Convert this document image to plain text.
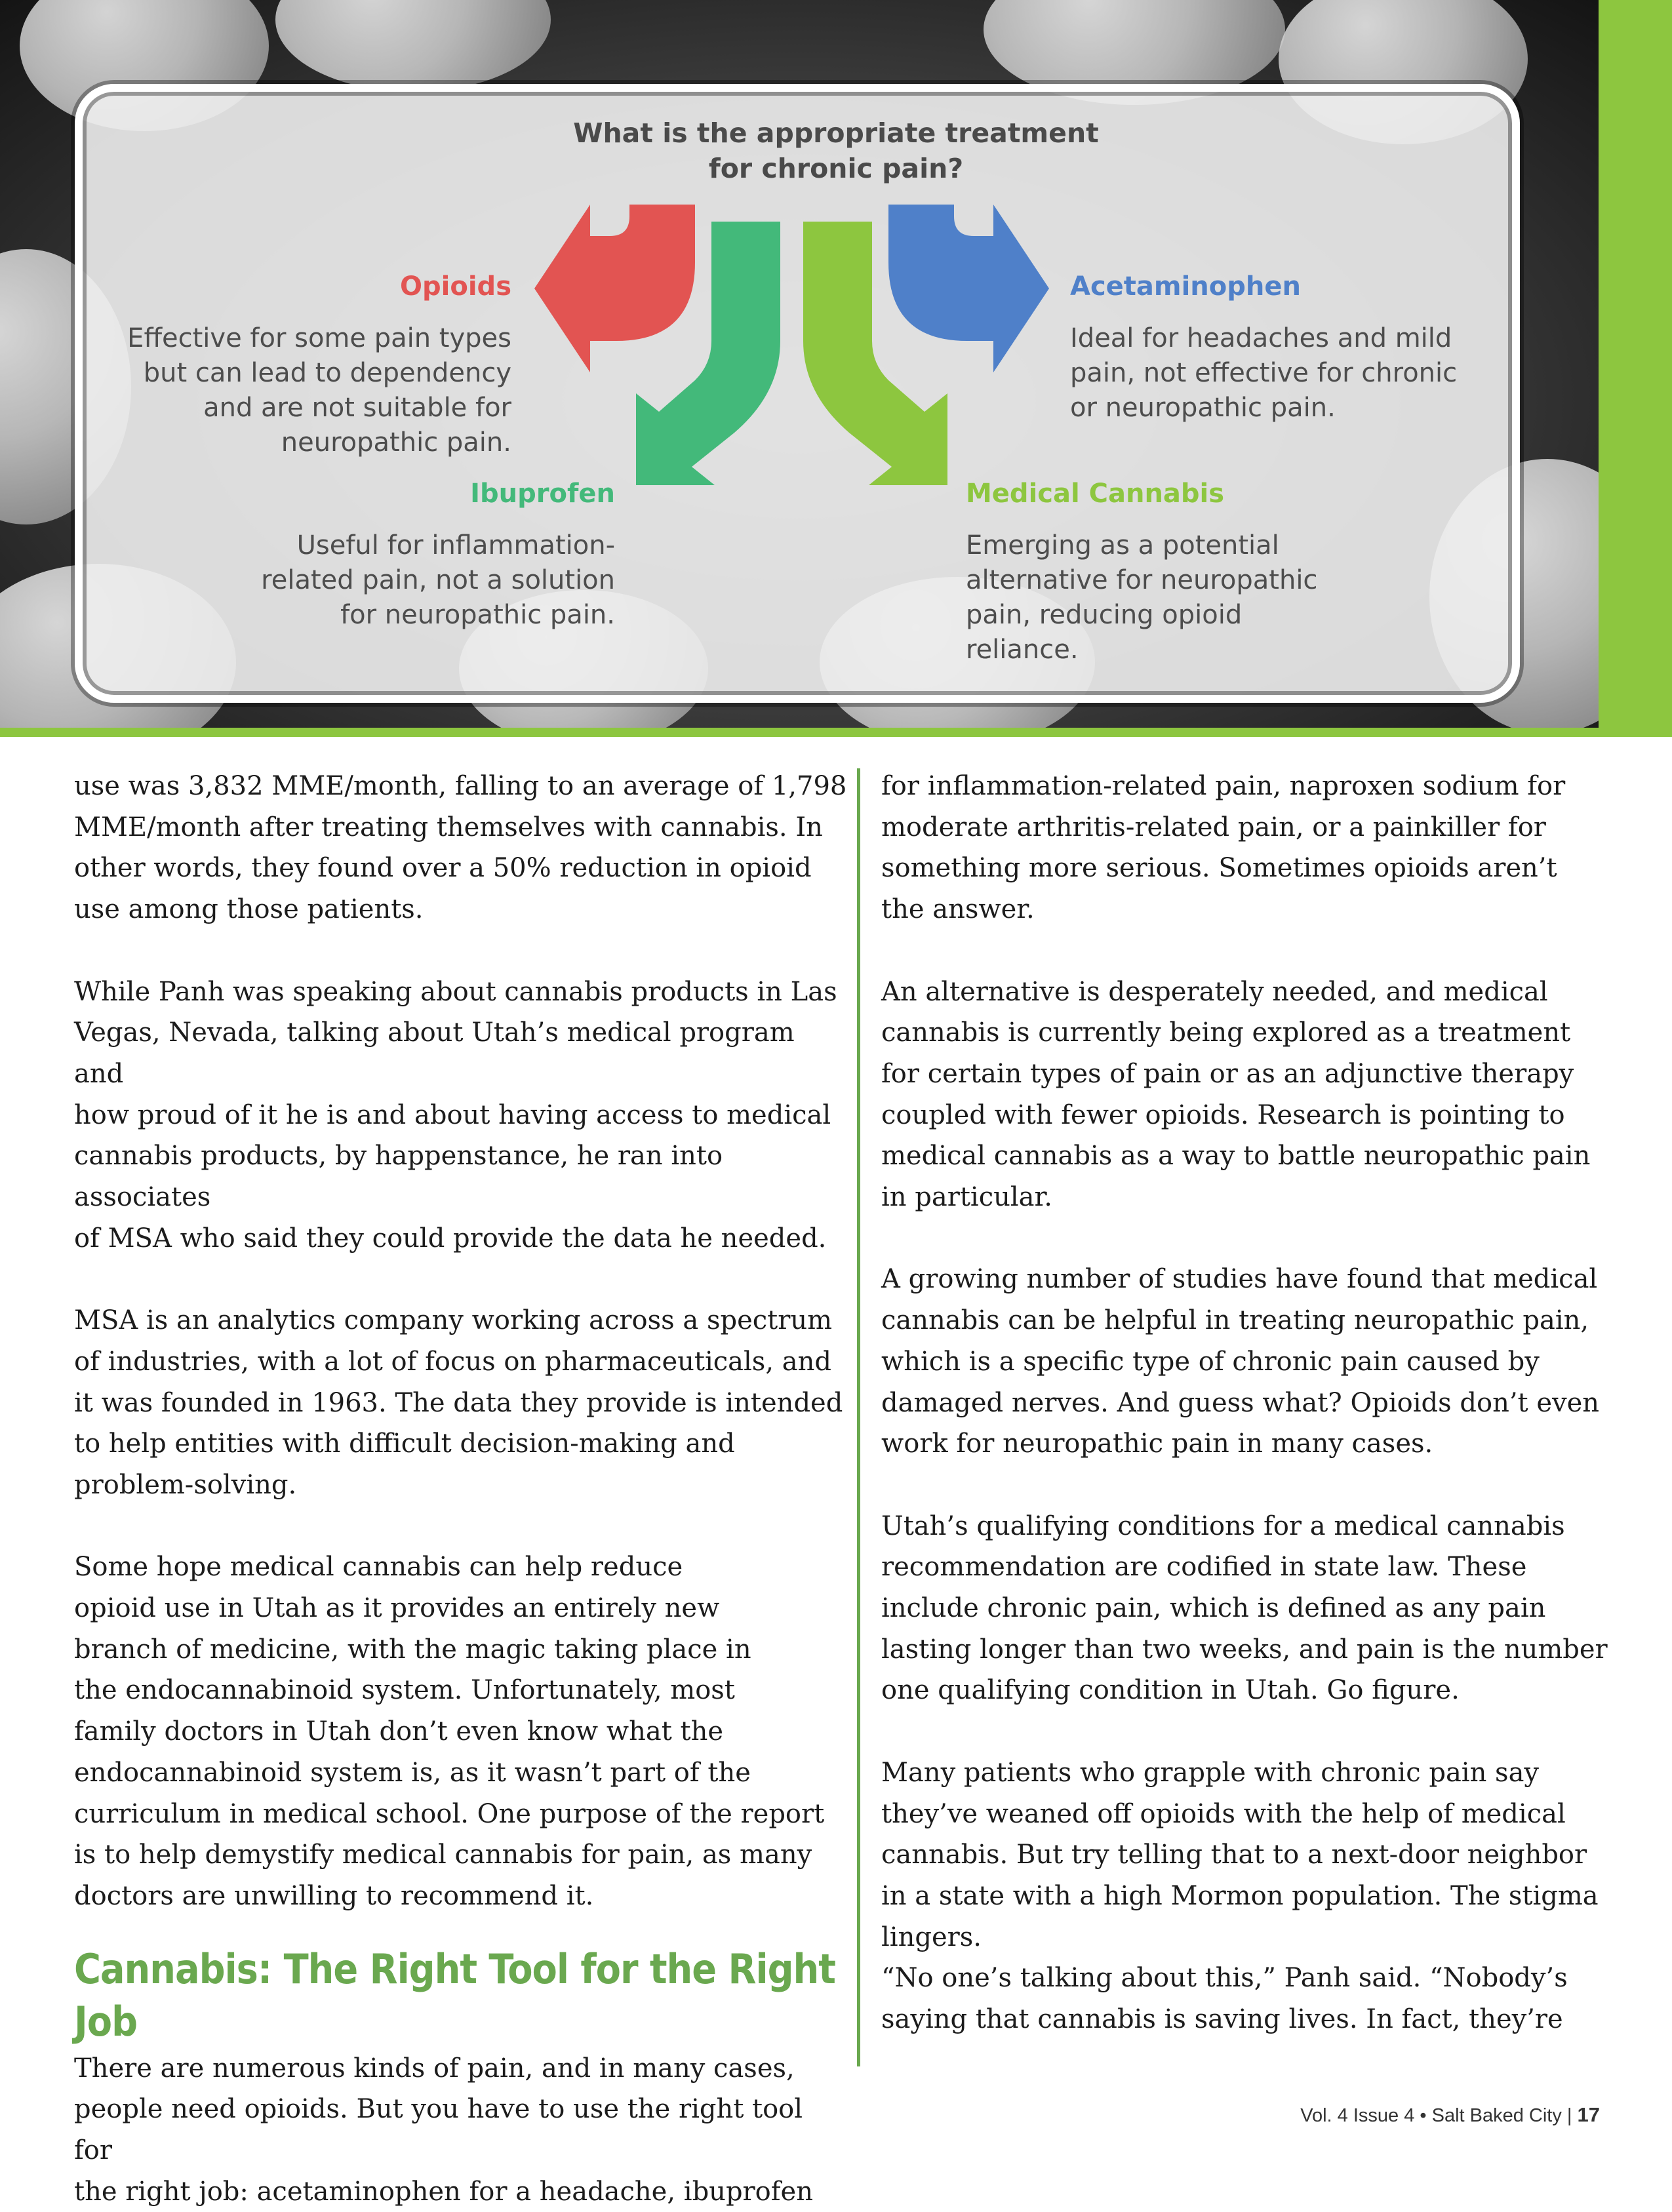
What is the appropriate treatment
for chronic pain?
Opioids
Effective for some pain types
but can lead to dependency
and are not suitable for
neuropathic pain.
Acetaminophen
Ideal for headaches and mild
pain, not effective for chronic
or neuropathic pain.
Ibuprofen
Useful for inflammation-
related pain, not a solution
for neuropathic pain.
Medical Cannabis
Emerging as a potential
alternative for neuropathic
pain, reducing opioid
reliance.

use was 3,832 MME/month, falling to an average of 1,798
MME/month after treating themselves with cannabis. In
other words, they found over a 50% reduction in opioid
use among those patients.

While Panh was speaking about cannabis products in Las
Vegas, Nevada, talking about Utah’s medical program and
how proud of it he is and about having access to medical
cannabis products, by happenstance, he ran into associates
of MSA who said they could provide the data he needed.

MSA is an analytics company working across a spectrum
of industries, with a lot of focus on pharmaceuticals, and
it was founded in 1963. The data they provide is intended
to help entities with difficult decision-making and
problem-solving.

Some hope medical cannabis can help reduce
opioid use in Utah as it provides an entirely new
branch of medicine, with the magic taking place in
the endocannabinoid system. Unfortunately, most
family doctors in Utah don’t even know what the
endocannabinoid system is, as it wasn’t part of the
curriculum in medical school. One purpose of the report
is to help demystify medical cannabis for pain, as many
doctors are unwilling to recommend it.

Cannabis: The Right Tool for the Right Job

There are numerous kinds of pain, and in many cases,
people need opioids. But you have to use the right tool for
the right job: acetaminophen for a headache, ibuprofen

for inflammation-related pain, naproxen sodium for
moderate arthritis-related pain, or a painkiller for
something more serious. Sometimes opioids aren’t
the answer.

An alternative is desperately needed, and medical
cannabis is currently being explored as a treatment
for certain types of pain or as an adjunctive therapy
coupled with fewer opioids. Research is pointing to
medical cannabis as a way to battle neuropathic pain
in particular.

A growing number of studies have found that medical
cannabis can be helpful in treating neuropathic pain,
which is a specific type of chronic pain caused by
damaged nerves. And guess what? Opioids don’t even
work for neuropathic pain in many cases.

Utah’s qualifying conditions for a medical cannabis
recommendation are codified in state law. These
include chronic pain, which is defined as any pain
lasting longer than two weeks, and pain is the number
one qualifying condition in Utah. Go figure.

Many patients who grapple with chronic pain say
they’ve weaned off opioids with the help of medical
cannabis. But try telling that to a next-door neighbor
in a state with a high Mormon population. The stigma
lingers.

“No one’s talking about this,” Panh said. “Nobody’s
saying that cannabis is saving lives. In fact, they’re

Vol. 4 Issue 4 • Salt Baked City | 17
